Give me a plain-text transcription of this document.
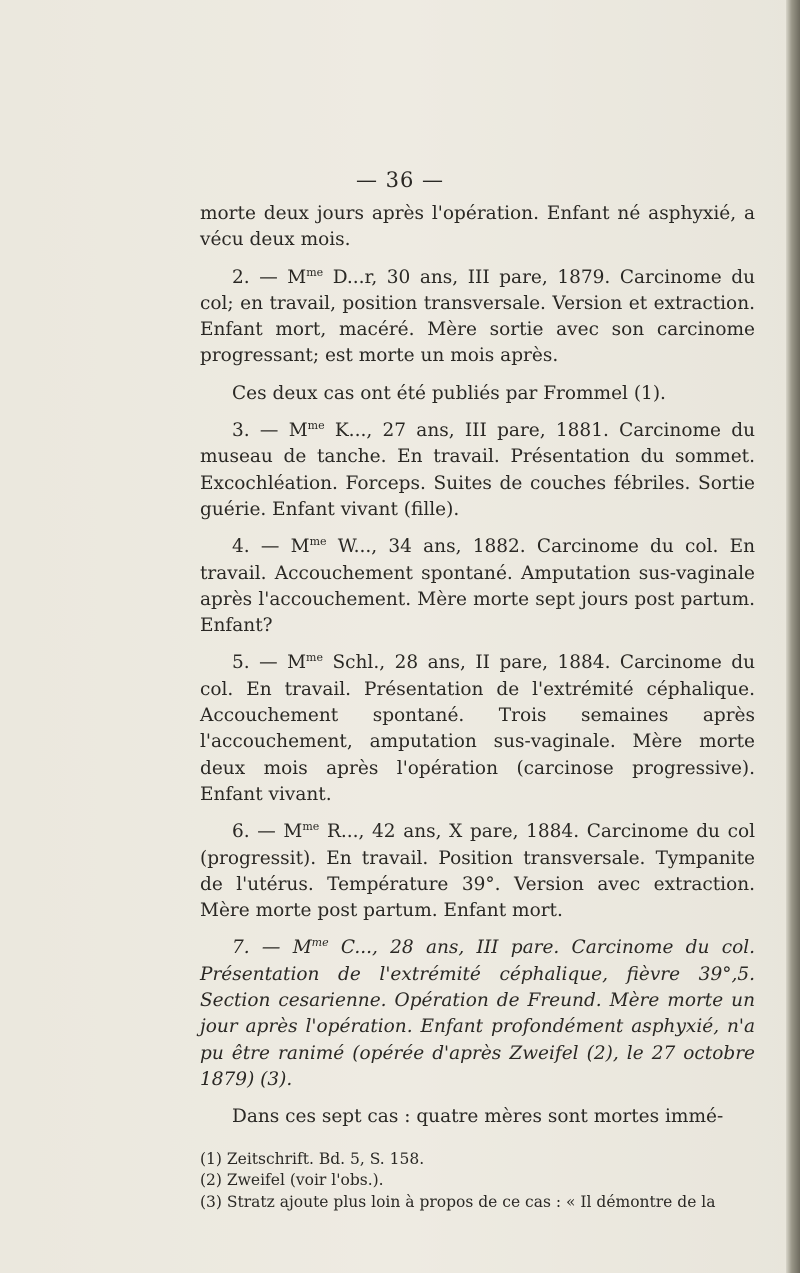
— 36 —

morte deux jours après l'opération. Enfant né asphyxié, a vécu deux mois.

2. — $M^{me}$ D...r, 30 ans, III pare, 1879. Carcinome du col; en travail, position transversale. Version et extraction. Enfant mort, macéré. Mère sortie avec son carcinome progressant; est morte un mois après.

Ces deux cas ont été publiés par Frommel (1).

3. — $M^{me}$ K..., 27 ans, III pare, 1881. Carcinome du museau de tanche. En travail. Présentation du sommet. Excochléation. Forceps. Suites de couches fébriles. Sortie guérie. Enfant vivant (fille).

4. — $M^{me}$ W..., 34 ans, 1882. Carcinome du col. En travail. Accouchement spontané. Amputation sus-vaginale après l'accouchement. Mère morte sept jours post partum. Enfant?

5. — $M^{me}$ Schl., 28 ans, II pare, 1884. Carcinome du col. En travail. Présentation de l'extrémité céphalique. Accouchement spontané. Trois semaines après l'accouchement, amputation sus-vaginale. Mère morte deux mois après l'opération (carcinose progressive). Enfant vivant.

6. — $M^{me}$ R..., 42 ans, X pare, 1884. Carcinome du col (progressit). En travail. Position transversale. Tympanite de l'utérus. Température 39°. Version avec extraction. Mère morte post partum. Enfant mort.

7. — $M^{me}$ C..., 28 ans, III pare. Carcinome du col. Présentation de l'extrémité céphalique, fièvre 39°,5. Section cesarienne. Opération de Freund. Mère morte un jour après l'opération. Enfant profondément asphyxié, n'a pu être ranimé (opérée d'après Zweifel (2), le 27 octobre 1879) (3).

Dans ces sept cas : quatre mères sont mortes immé-

(1) Zeitschrift. Bd. 5, S. 158.

(2) Zweifel (voir l'obs.).

(3) Stratz ajoute plus loin à propos de ce cas : « Il démontre de la
